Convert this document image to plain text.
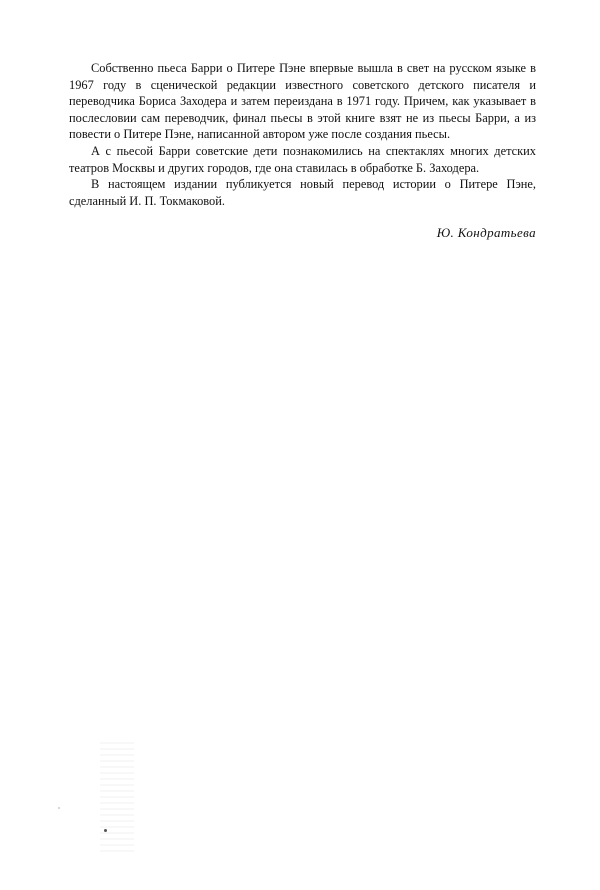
Собственно пьеса Барри о Питере Пэне впервые вышла в свет на русском языке в 1967 году в сценической редакции известного советского детского писателя и переводчика Бориса Заходера и затем переиздана в 1971 году. Причем, как указывает в послесловии сам переводчик, финал пьесы в этой книге взят не из пьесы Барри, а из повести о Питере Пэне, написанной автором уже после создания пьесы.

А с пьесой Барри советские дети познакомились на спектаклях многих детских театров Москвы и других городов, где она ставилась в обработке Б. Заходера.

В настоящем издании публикуется новый перевод истории о Питере Пэне, сделанный И. П. Токмаковой.

Ю. Кондратьева
